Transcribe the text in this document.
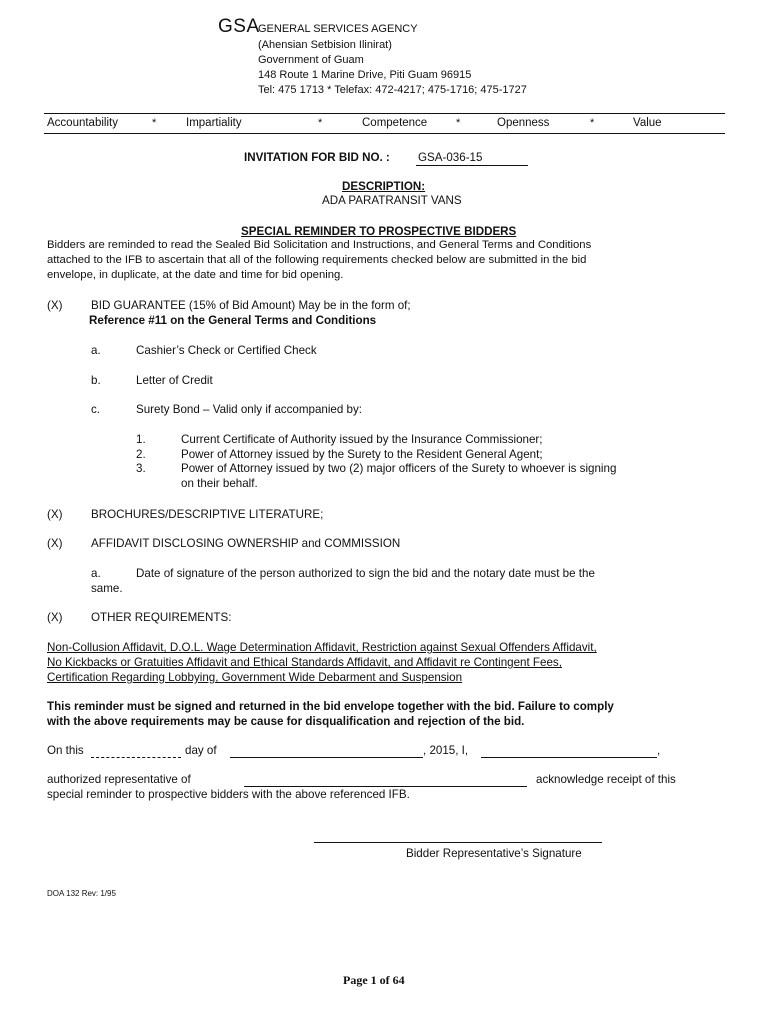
GSA
GENERAL SERVICES AGENCY
(Ahensian Setbision Ilinirat)
Government of Guam
148 Route 1 Marine Drive, Piti Guam 96915
Tel: 475 1713 * Telefax: 472-4217; 475-1716; 475-1727
Accountability	*	Impartiality	*	Competence	*	Openness	*	Value
INVITATION FOR BID NO. : GSA-036-15
DESCRIPTION:
ADA PARATRANSIT VANS
SPECIAL REMINDER TO PROSPECTIVE BIDDERS
Bidders are reminded to read the Sealed Bid Solicitation and Instructions, and General Terms and Conditions
attached to the IFB to ascertain that all of the following requirements checked below are submitted in the bid
envelope, in duplicate, at the date and time for bid opening.
(X) BID GUARANTEE (15% of Bid Amount) May be in the form of;
Reference #11 on the General Terms and Conditions
a.	Cashier’s Check or Certified Check
b.	Letter of Credit
c.	Surety Bond – Valid only if accompanied by:
1.	Current Certificate of Authority issued by the Insurance Commissioner;
2.	Power of Attorney issued by the Surety to the Resident General Agent;
3.	Power of Attorney issued by two (2) major officers of the Surety to whoever is signing
on their behalf.
(X) BROCHURES/DESCRIPTIVE LITERATURE;
(X) AFFIDAVIT DISCLOSING OWNERSHIP and COMMISSION
a.	Date of signature of the person authorized to sign the bid and the notary date must be the
same.
(X) OTHER REQUIREMENTS:
Non-Collusion Affidavit, D.O.L. Wage Determination Affidavit, Restriction against Sexual Offenders Affidavit,
No Kickbacks or Gratuities Affidavit and Ethical Standards Affidavit, and Affidavit re Contingent Fees,
Certification Regarding Lobbying, Government Wide Debarment and Suspension
This reminder must be signed and returned in the bid envelope together with the bid. Failure to comply
with the above requirements may be cause for disqualification and rejection of the bid.
On this	day of	, 2015, I,	,
authorized representative of	acknowledge receipt of this
special reminder to prospective bidders with the above referenced IFB.
Bidder Representative’s Signature
DOA 132 Rev: 1/95
Page 1 of 64
